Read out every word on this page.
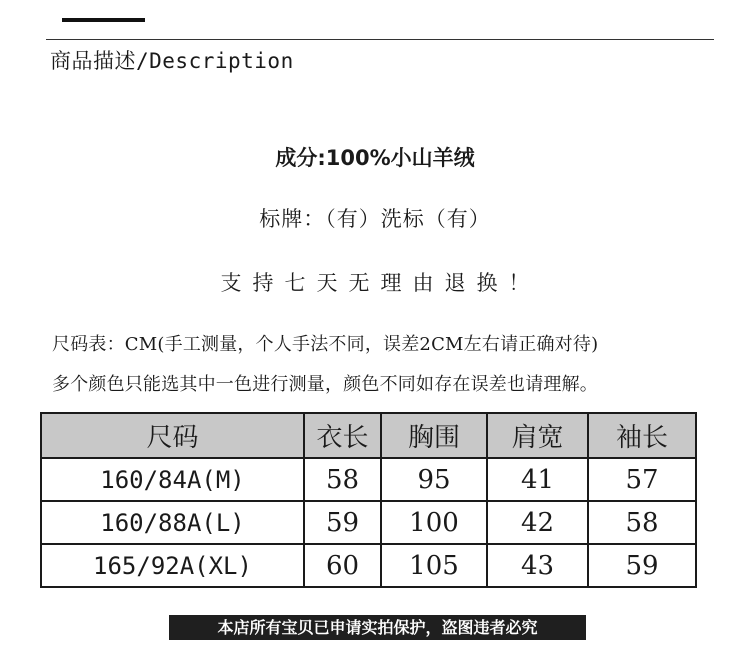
商品描述/Description
成分:100%小山羊绒
标牌：（有）洗标（有）
支持七天无理由退换！
尺码表：CM(手工测量，个人手法不同，误差2CM左右请正确对待)
多个颜色只能选其中一色进行测量，颜色不同如存在误差也请理解。
尺码	衣长	胸围	肩宽	袖长
160/84A(M)	58	95	41	57
160/88A(L)	59	100	42	58
165/92A(XL)	60	105	43	59
本店所有宝贝已申请实拍保护，盗图违者必究
